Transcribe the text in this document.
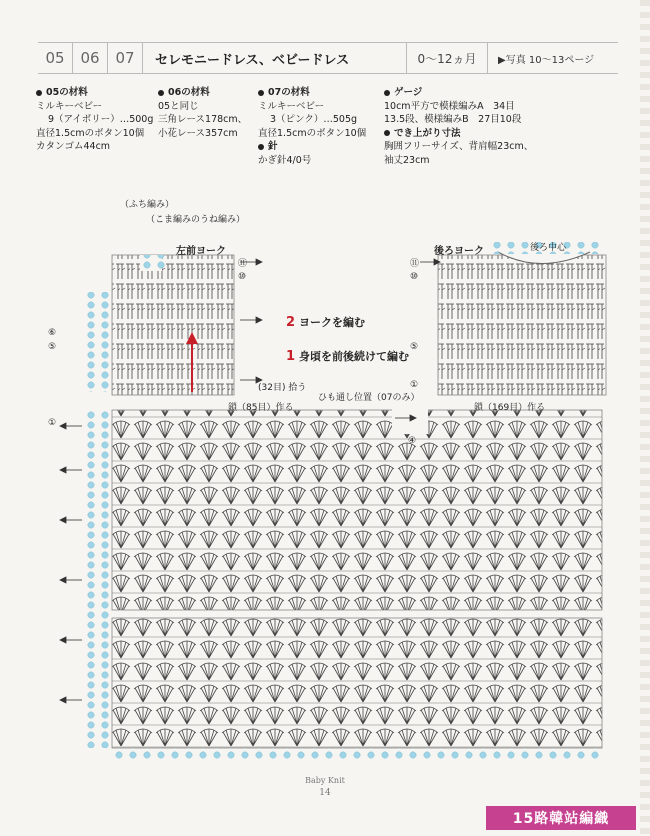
05	06	07	セレモニードレス、ベビードレス	0～12ヵ月	▶写真 10～13ページ
05の材料
ミルキーベビー
9（アイボリー）…500g
直径1.5cmのボタン10個
カタンゴム44cm
06の材料
05と同じ
三角レース178cm、
小花レース357cm
07の材料
ミルキーベビー
3（ピンク）…505g
直径1.5cmのボタン10個
針
かぎ針4/0号
ゲージ
10cm平方で模様編みA　34目
13.5段、模様編みB　27目10段
でき上がり寸法
胸囲フリーサイズ、背肩幅23cm、
袖丈23cm
（ふち編み）
（こま編みのうね編み）
左前ヨーク	後ろヨーク	後ろ中心
2 ヨークを編む
1 身頃を前後続けて編む
(32目) 拾う
ひも通し位置（07のみ）
鎖（85目）作る	鎖（169目）作る
⑪
⑩
⑥
⑤
①
④
⑪
⑩
⑤
①
Baby Knit
14
15路韓站編織
